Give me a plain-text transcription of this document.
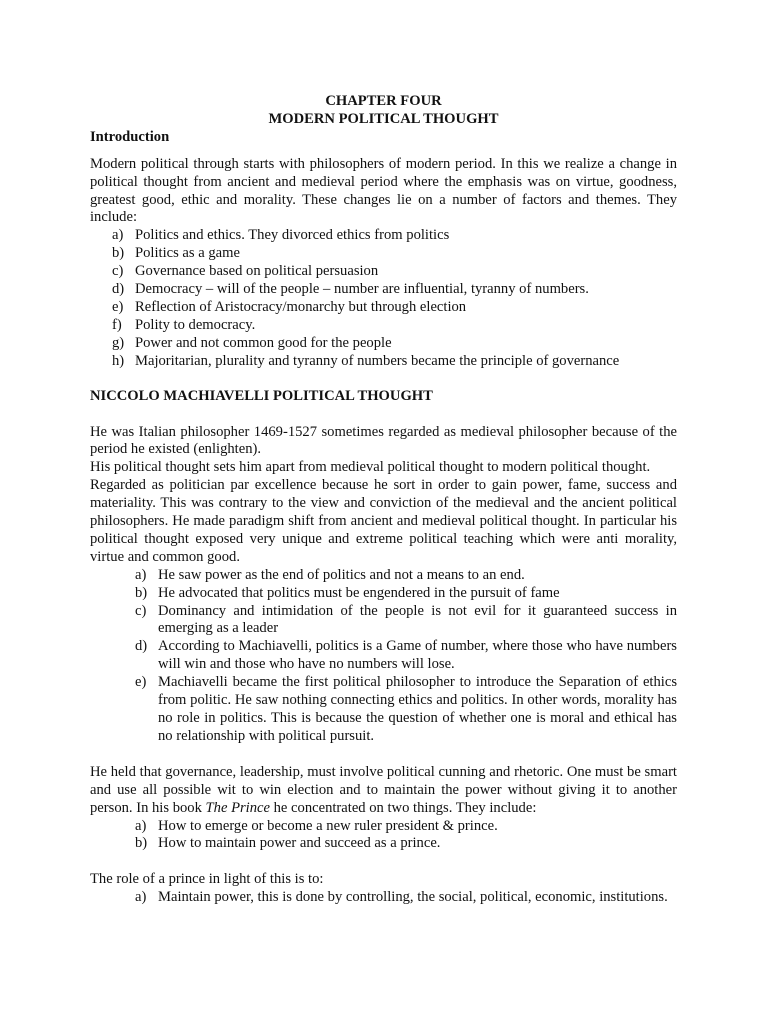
CHAPTER FOUR
MODERN POLITICAL THOUGHT
Introduction

Modern political through starts with philosophers of modern period. In this we realize a change in political thought from ancient and medieval period where the emphasis was on virtue, goodness, greatest good, ethic and morality. These changes lie on a number of factors and themes. They include:

a) Politics and ethics. They divorced ethics from politics
b) Politics as a game
c) Governance based on political persuasion
d) Democracy – will of the people – number are influential, tyranny of numbers.
e) Reflection of Aristocracy/monarchy but through election
f) Polity to democracy.
g) Power and not common good for the people
h) Majoritarian, plurality and tyranny of numbers became the principle of governance
NICCOLO MACHIAVELLI POLITICAL THOUGHT

He was Italian philosopher 1469-1527 sometimes regarded as medieval philosopher because of the period he existed (enlighten).

His political thought sets him apart from medieval political thought to modern political thought.

Regarded as politician par excellence because he sort in order to gain power, fame, success and materiality. This was contrary to the view and conviction of the medieval and the ancient political philosophers. He made paradigm shift from ancient and medieval political thought. In particular his political thought exposed very unique and extreme political teaching which were anti morality, virtue and common good.

a) He saw power as the end of politics and not a means to an end.
b) He advocated that politics must be engendered in the pursuit of fame
c) Dominancy and intimidation of the people is not evil for it guaranteed success in emerging as a leader
d) According to Machiavelli, politics is a Game of number, where those who have numbers will win and those who have no numbers will lose.
e) Machiavelli became the first political philosopher to introduce the Separation of ethics from politic. He saw nothing connecting ethics and politics. In other words, morality has no role in politics. This is because the question of whether one is moral and ethical has no relationship with political pursuit.

He held that governance, leadership, must involve political cunning and rhetoric. One must be smart and use all possible wit to win election and to maintain the power without giving it to another person. In his book The Prince he concentrated on two things. They include:

a) How to emerge or become a new ruler president & prince.
b) How to maintain power and succeed as a prince.

The role of a prince in light of this is to:

a) Maintain power, this is done by controlling, the social, political, economic, institutions.
